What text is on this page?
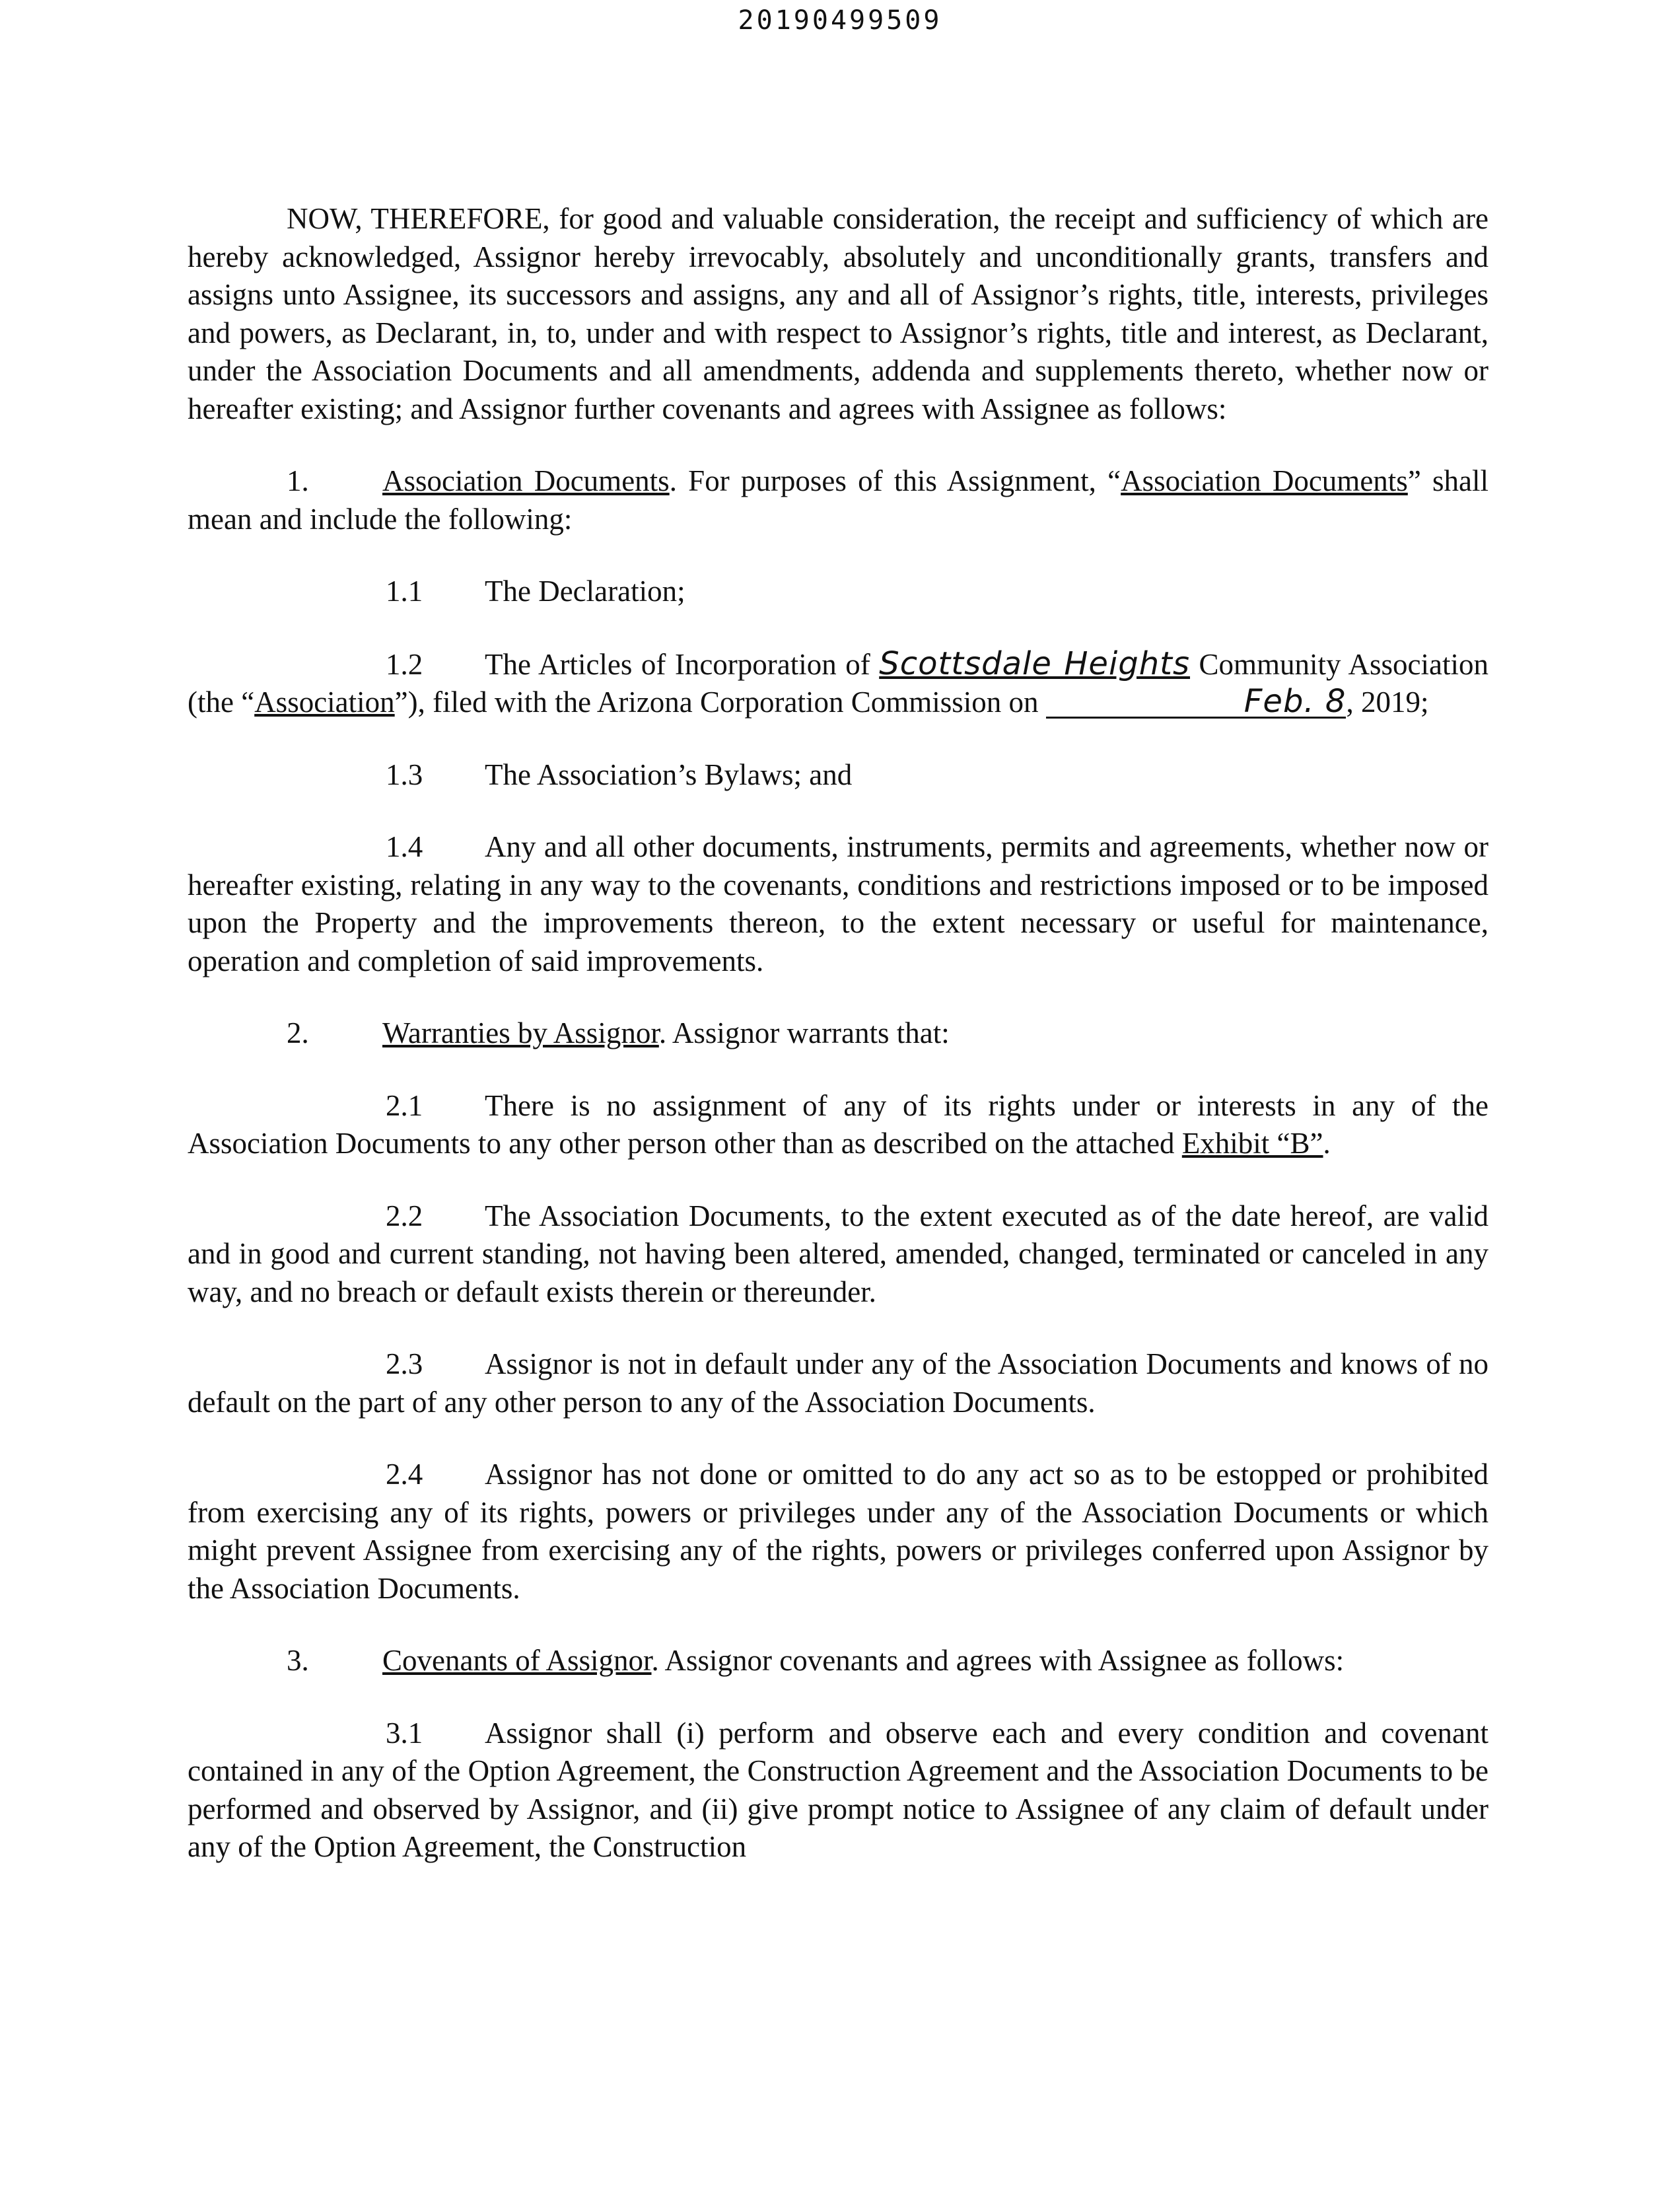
20190499509

NOW, THEREFORE, for good and valuable consideration, the receipt and sufficiency of which are hereby acknowledged, Assignor hereby irrevocably, absolutely and unconditionally grants, transfers and assigns unto Assignee, its successors and assigns, any and all of Assignor’s rights, title, interests, privileges and powers, as Declarant, in, to, under and with respect to Assignor’s rights, title and interest, as Declarant, under the Association Documents and all amendments, addenda and supplements thereto, whether now or hereafter existing; and Assignor further covenants and agrees with Assignee as follows:

1. Association Documents. For purposes of this Assignment, “Association Documents” shall mean and include the following:

1.1 The Declaration;

1.2 The Articles of Incorporation of Scottsdale Heights Community Association (the “Association”), filed with the Arizona Corporation Commission on	Feb. 8, 2019;

1.3 The Association’s Bylaws; and

1.4 Any and all other documents, instruments, permits and agreements, whether now or hereafter existing, relating in any way to the covenants, conditions and restrictions imposed or to be imposed upon the Property and the improvements thereon, to the extent necessary or useful for maintenance, operation and completion of said improvements.

2. Warranties by Assignor. Assignor warrants that:

2.1 There is no assignment of any of its rights under or interests in any of the Association Documents to any other person other than as described on the attached Exhibit “B”.

2.2 The Association Documents, to the extent executed as of the date hereof, are valid and in good and current standing, not having been altered, amended, changed, terminated or canceled in any way, and no breach or default exists therein or thereunder.

2.3 Assignor is not in default under any of the Association Documents and knows of no default on the part of any other person to any of the Association Documents.

2.4 Assignor has not done or omitted to do any act so as to be estopped or prohibited from exercising any of its rights, powers or privileges under any of the Association Documents or which might prevent Assignee from exercising any of the rights, powers or privileges conferred upon Assignor by the Association Documents.

3. Covenants of Assignor. Assignor covenants and agrees with Assignee as follows:

3.1 Assignor shall (i) perform and observe each and every condition and covenant contained in any of the Option Agreement, the Construction Agreement and the Association Documents to be performed and observed by Assignor, and (ii) give prompt notice to Assignee of any claim of default under any of the Option Agreement, the Construction
